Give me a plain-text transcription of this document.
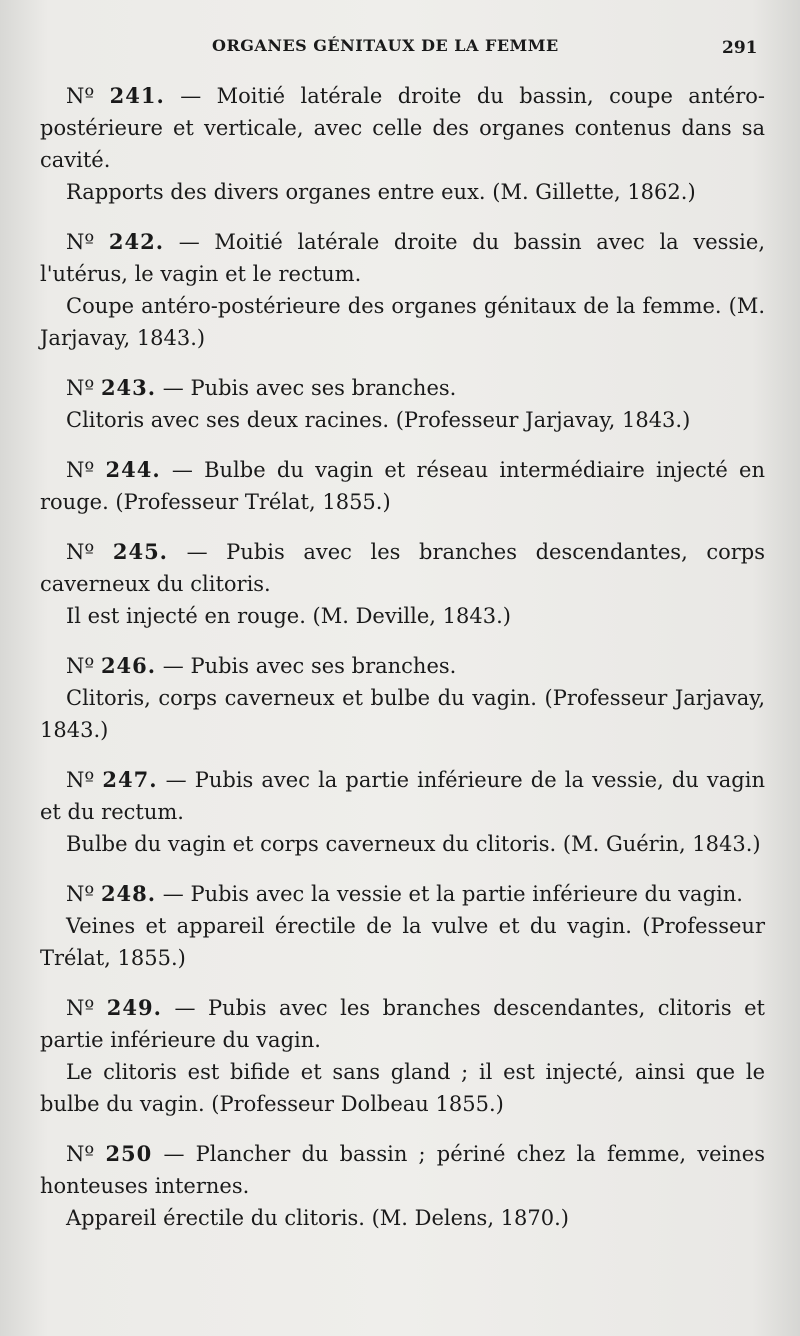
ORGANES GÉNITAUX DE LA FEMME	291

Nº 241. — Moitié latérale droite du bassin, coupe antéro-postérieure et verticale, avec celle des organes contenus dans sa cavité.

Rapports des divers organes entre eux. (M. Gillette, 1862.)

Nº 242. — Moitié latérale droite du bassin avec la vessie, l'utérus, le vagin et le rectum.

Coupe antéro-postérieure des organes génitaux de la femme. (M. Jarjavay, 1843.)

Nº 243. — Pubis avec ses branches.

Clitoris avec ses deux racines. (Professeur Jarjavay, 1843.)

Nº 244. — Bulbe du vagin et réseau intermédiaire injecté en rouge. (Professeur Trélat, 1855.)

Nº 245. — Pubis avec les branches descendantes, corps caverneux du clitoris.

Il est injecté en rouge. (M. Deville, 1843.)

Nº 246. — Pubis avec ses branches.

Clitoris, corps caverneux et bulbe du vagin. (Professeur Jarjavay, 1843.)

Nº 247. — Pubis avec la partie inférieure de la vessie, du vagin et du rectum.

Bulbe du vagin et corps caverneux du clitoris. (M. Guérin, 1843.)

Nº 248. — Pubis avec la vessie et la partie inférieure du vagin.

Veines et appareil érectile de la vulve et du vagin. (Professeur Trélat, 1855.)

Nº 249. — Pubis avec les branches descendantes, clitoris et partie inférieure du vagin.

Le clitoris est bifide et sans gland ; il est injecté, ainsi que le bulbe du vagin. (Professeur Dolbeau 1855.)

Nº 250 — Plancher du bassin ; périné chez la femme, veines honteuses internes.

Appareil érectile du clitoris. (M. Delens, 1870.)
